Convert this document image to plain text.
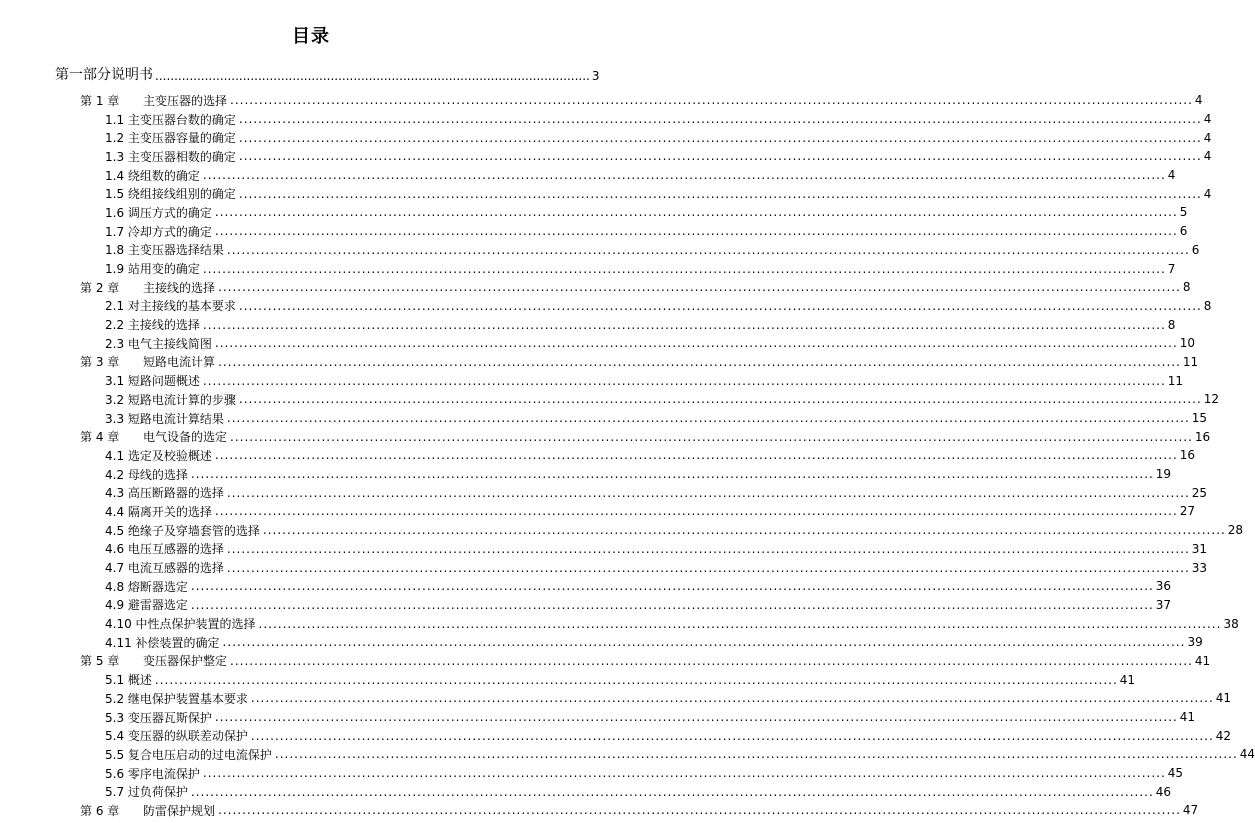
目录
第一部分 说明书 .................................................................................................................. 3
第 1 章 主变压器的选择 ........................................................................................................................................................................................................ 4
1.1 主变压器台数的确定 ........................................................................................................................................................................................................ 4
1.2 主变压器容量的确定 ........................................................................................................................................................................................................ 4
1.3 主变压器相数的确定 ........................................................................................................................................................................................................ 4
1.4 绕组数的确定 ........................................................................................................................................................................................................ 4
1.5 绕组接线组别的确定 ........................................................................................................................................................................................................ 4
1.6 调压方式的确定 ........................................................................................................................................................................................................ 5
1.7 冷却方式的确定 ........................................................................................................................................................................................................ 6
1.8 主变压器选择结果 ........................................................................................................................................................................................................ 6
1.9 站用变的确定 ........................................................................................................................................................................................................ 7
第 2 章 主接线的选择 ........................................................................................................................................................................................................ 8
2.1 对主接线的基本要求 ........................................................................................................................................................................................................ 8
2.2 主接线的选择 ........................................................................................................................................................................................................ 8
2.3 电气主接线简图 ........................................................................................................................................................................................................ 10
第 3 章 短路电流计算 ........................................................................................................................................................................................................ 11
3.1 短路问题概述 ........................................................................................................................................................................................................ 11
3.2 短路电流计算的步骤 ........................................................................................................................................................................................................ 12
3.3 短路电流计算结果 ........................................................................................................................................................................................................ 15
第 4 章 电气设备的选定 ........................................................................................................................................................................................................ 16
4.1 选定及校验概述 ........................................................................................................................................................................................................ 16
4.2 母线的选择 ........................................................................................................................................................................................................ 19
4.3 高压断路器的选择 ........................................................................................................................................................................................................ 25
4.4 隔离开关的选择 ........................................................................................................................................................................................................ 27
4.5 绝缘子及穿墙套管的选择 ........................................................................................................................................................................................................ 28
4.6 电压互感器的选择 ........................................................................................................................................................................................................ 31
4.7 电流互感器的选择 ........................................................................................................................................................................................................ 33
4.8 熔断器选定 ........................................................................................................................................................................................................ 36
4.9 避雷器选定 ........................................................................................................................................................................................................ 37
4.10 中性点保护装置的选择 ........................................................................................................................................................................................................ 38
4.11 补偿装置的确定 ........................................................................................................................................................................................................ 39
第 5 章 变压器保护整定 ........................................................................................................................................................................................................ 41
5.1 概述 ........................................................................................................................................................................................................ 41
5.2 继电保护装置基本要求 ........................................................................................................................................................................................................ 41
5.3 变压器瓦斯保护 ........................................................................................................................................................................................................ 41
5.4 变压器的纵联差动保护 ........................................................................................................................................................................................................ 42
5.5 复合电压启动的过电流保护 ........................................................................................................................................................................................................ 44
5.6 零序电流保护 ........................................................................................................................................................................................................ 45
5.7 过负荷保护 ........................................................................................................................................................................................................ 46
第 6 章 防雷保护规划 ........................................................................................................................................................................................................ 47
